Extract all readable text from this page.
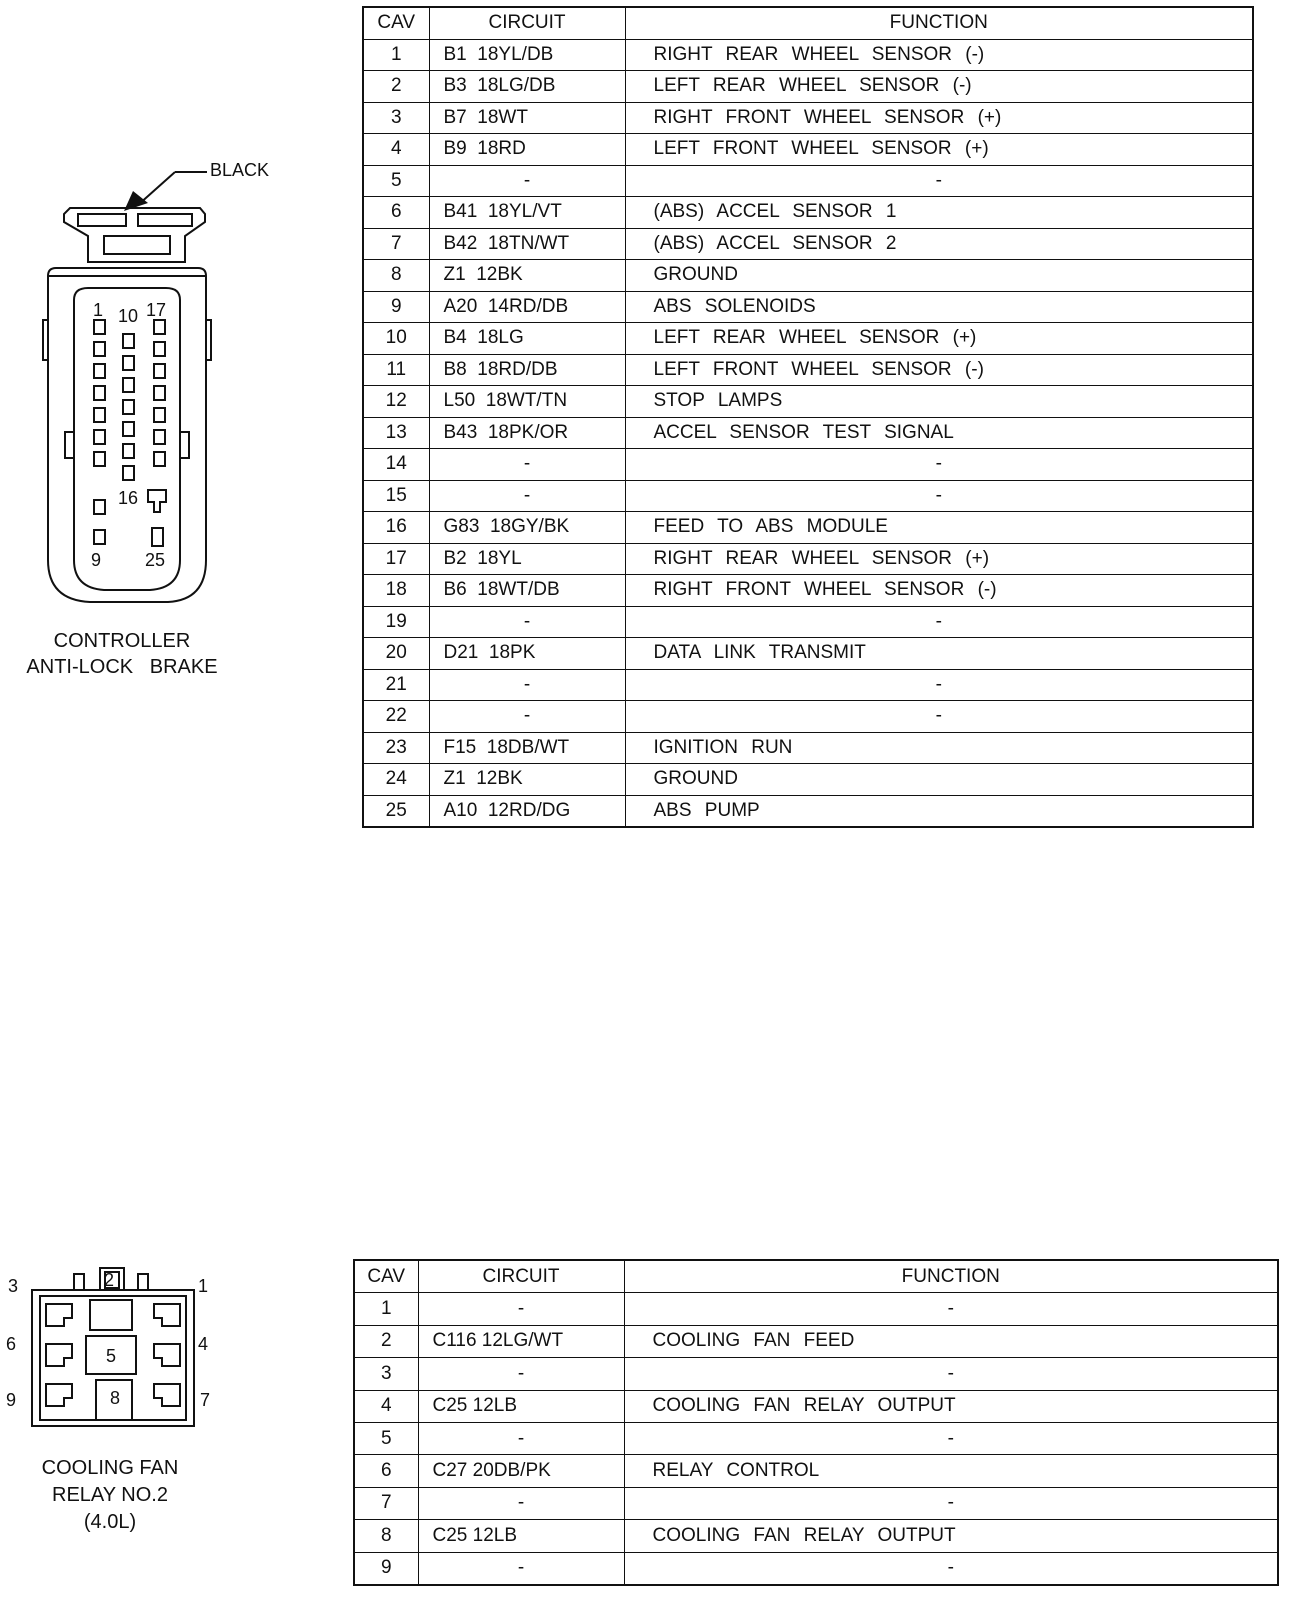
BLACK
1 10 17
16
9 25
CONTROLLER
ANTI-LOCK   BRAKE
CAV	CIRCUIT	FUNCTION
1	B1  18YL/DB	RIGHT REAR WHEEL SENSOR (-)
2	B3  18LG/DB	LEFT REAR WHEEL SENSOR (-)
3	B7  18WT	RIGHT FRONT WHEEL SENSOR (+)
4	B9  18RD	LEFT FRONT WHEEL SENSOR (+)
5	-	-
6	B41  18YL/VT	(ABS) ACCEL SENSOR 1
7	B42  18TN/WT	(ABS) ACCEL SENSOR 2
8	Z1  12BK	GROUND
9	A20  14RD/DB	ABS SOLENOIDS
10	B4  18LG	LEFT REAR WHEEL SENSOR (+)
11	B8  18RD/DB	LEFT FRONT WHEEL SENSOR (-)
12	L50  18WT/TN	STOP LAMPS
13	B43  18PK/OR	ACCEL SENSOR TEST SIGNAL
14	-	-
15	-	-
16	G83  18GY/BK	FEED TO ABS MODULE
17	B2  18YL	RIGHT REAR WHEEL SENSOR (+)
18	B6  18WT/DB	RIGHT FRONT WHEEL SENSOR (-)
19	-	-
20	D21  18PK	DATA LINK TRANSMIT
21	-	-
22	-	-
23	F15  18DB/WT	IGNITION RUN
24	Z1  12BK	GROUND
25	A10  12RD/DG	ABS PUMP
3	2	1
6
5
4
9	8	7
COOLING FAN
RELAY NO.2
(4.0L)
CAV	CIRCUIT	FUNCTION
1	-	-
2	C116 12LG/WT	COOLING FAN FEED
3	-	-
4	C25 12LB	COOLING FAN RELAY OUTPUT
5	-	-
6	C27 20DB/PK	RELAY CONTROL
7	-	-
8	C25 12LB	COOLING FAN RELAY OUTPUT
9	-	-
